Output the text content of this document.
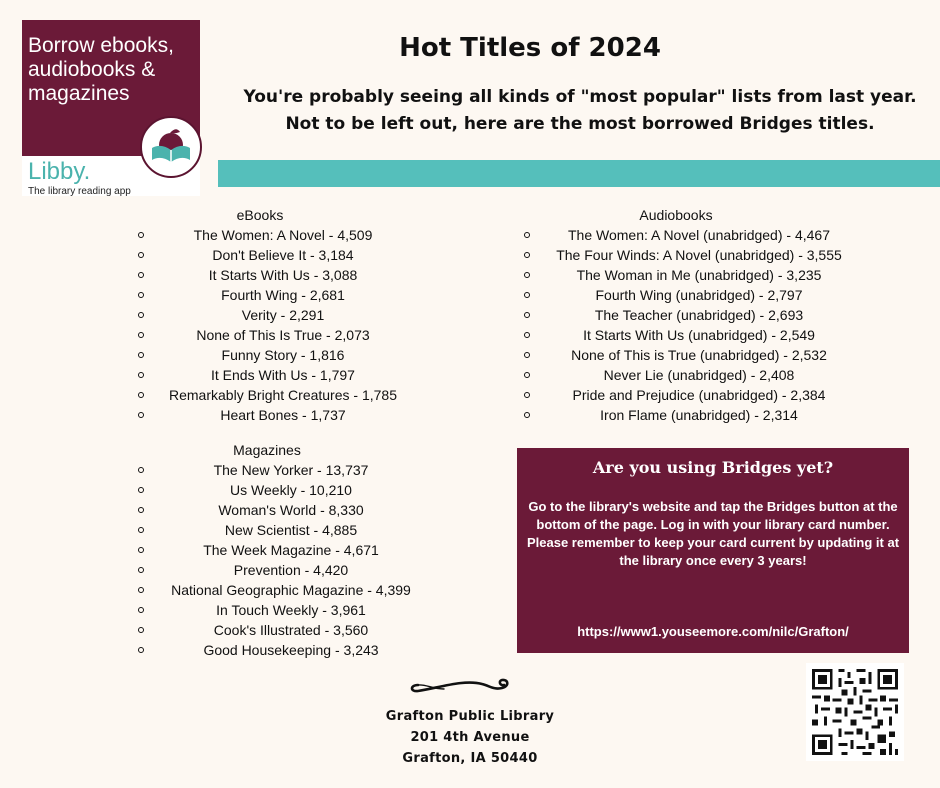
Borrow ebooks, audiobooks & magazines
Libby.
The library reading app
Hot Titles of 2024
You're probably seeing all kinds of "most popular" lists from last year.
Not to be left out, here are the most borrowed Bridges titles.
eBooks
The Women: A Novel - 4,509
Don't Believe It - 3,184
It Starts With Us - 3,088
Fourth Wing - 2,681
Verity - 2,291
None of This Is True - 2,073
Funny Story - 1,816
It Ends With Us - 1,797
Remarkably Bright Creatures - 1,785
Heart Bones - 1,737
Audiobooks
The Women: A Novel (unabridged) - 4,467
The Four Winds: A Novel (unabridged) - 3,555
The Woman in Me (unabridged) - 3,235
Fourth Wing (unabridged) - 2,797
The Teacher (unabridged) - 2,693
It Starts With Us (unabridged) - 2,549
None of This is True (unabridged) - 2,532
Never Lie (unabridged) - 2,408
Pride and Prejudice (unabridged) - 2,384
Iron Flame (unabridged) - 2,314
Magazines
The New Yorker - 13,737
Us Weekly - 10,210
Woman's World - 8,330
New Scientist - 4,885
The Week Magazine - 4,671
Prevention - 4,420
National Geographic Magazine - 4,399
In Touch Weekly - 3,961
Cook's Illustrated - 3,560
Good Housekeeping - 3,243
Are you using Bridges yet?
Go to the library's website and tap the Bridges button at the bottom of the page. Log in with your library card number.
Please remember to keep your card current by updating it at the library once every 3 years!
https://www1.youseemore.com/nilc/Grafton/
Grafton Public Library
201 4th Avenue
Grafton, IA 50440
